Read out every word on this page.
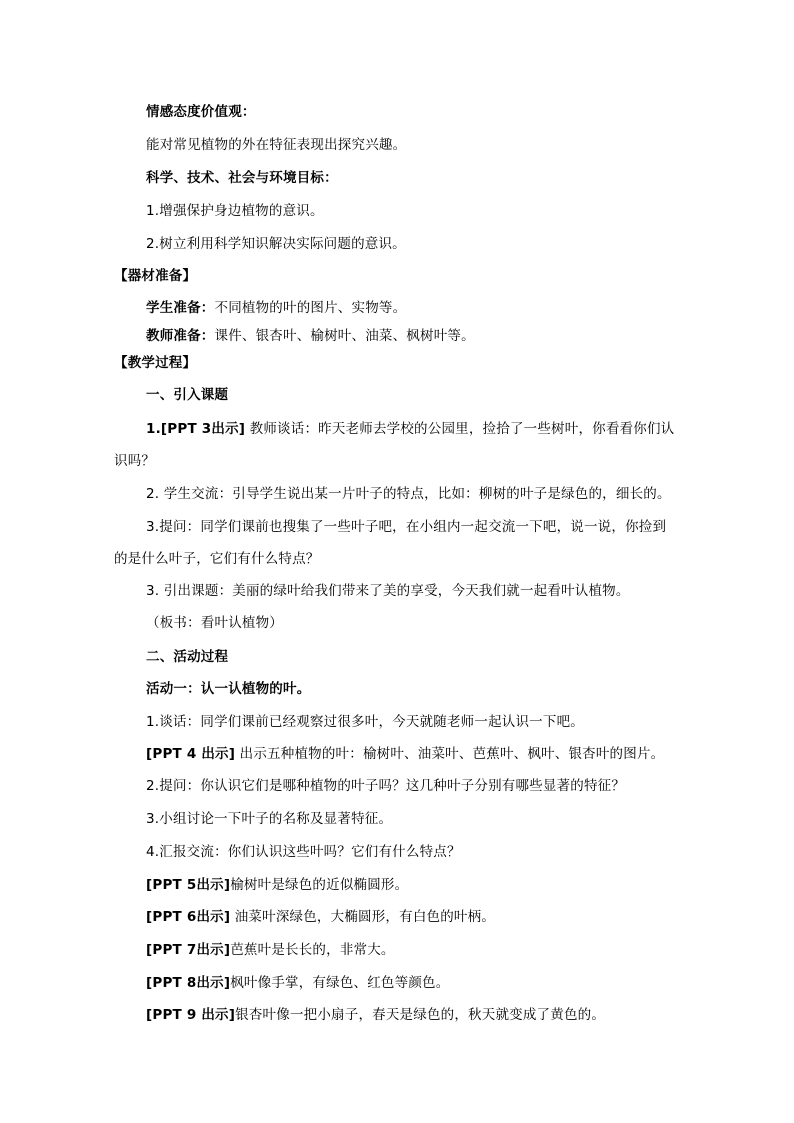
情感态度价值观：
能对常见植物的外在特征表现出探究兴趣。
科学、技术、社会与环境目标：
1.增强保护身边植物的意识。
2.树立利用科学知识解决实际问题的意识。
【器材准备】
学生准备：不同植物的叶的图片、实物等。
教师准备：课件、银杏叶、榆树叶、油菜、枫树叶等。
【教学过程】
一、引入课题
1.[PPT 3出示] 教师谈话：昨天老师去学校的公园里，捡拾了一些树叶，你看看你们认
识吗？
2. 学生交流：引导学生说出某一片叶子的特点，比如：柳树的叶子是绿色的，细长的。
3.提问：同学们课前也搜集了一些叶子吧，在小组内一起交流一下吧，说一说，你捡到
的是什么叶子，它们有什么特点？
3. 引出课题：美丽的绿叶给我们带来了美的享受，今天我们就一起看叶认植物。
（板书：看叶认植物）
二、活动过程
活动一：认一认植物的叶。
1.谈话：同学们课前已经观察过很多叶，今天就随老师一起认识一下吧。
[PPT 4 出示] 出示五种植物的叶：榆树叶、油菜叶、芭蕉叶、枫叶、银杏叶的图片。
2.提问：你认识它们是哪种植物的叶子吗？这几种叶子分别有哪些显著的特征？
3.小组讨论一下叶子的名称及显著特征。
4.汇报交流：你们认识这些叶吗？它们有什么特点？
[PPT 5出示]榆树叶是绿色的近似椭圆形。
[PPT 6出示] 油菜叶深绿色，大椭圆形，有白色的叶柄。
[PPT 7出示]芭蕉叶是长长的，非常大。
[PPT 8出示]枫叶像手掌，有绿色、红色等颜色。
[PPT 9 出示]银杏叶像一把小扇子，春天是绿色的，秋天就变成了黄色的。
